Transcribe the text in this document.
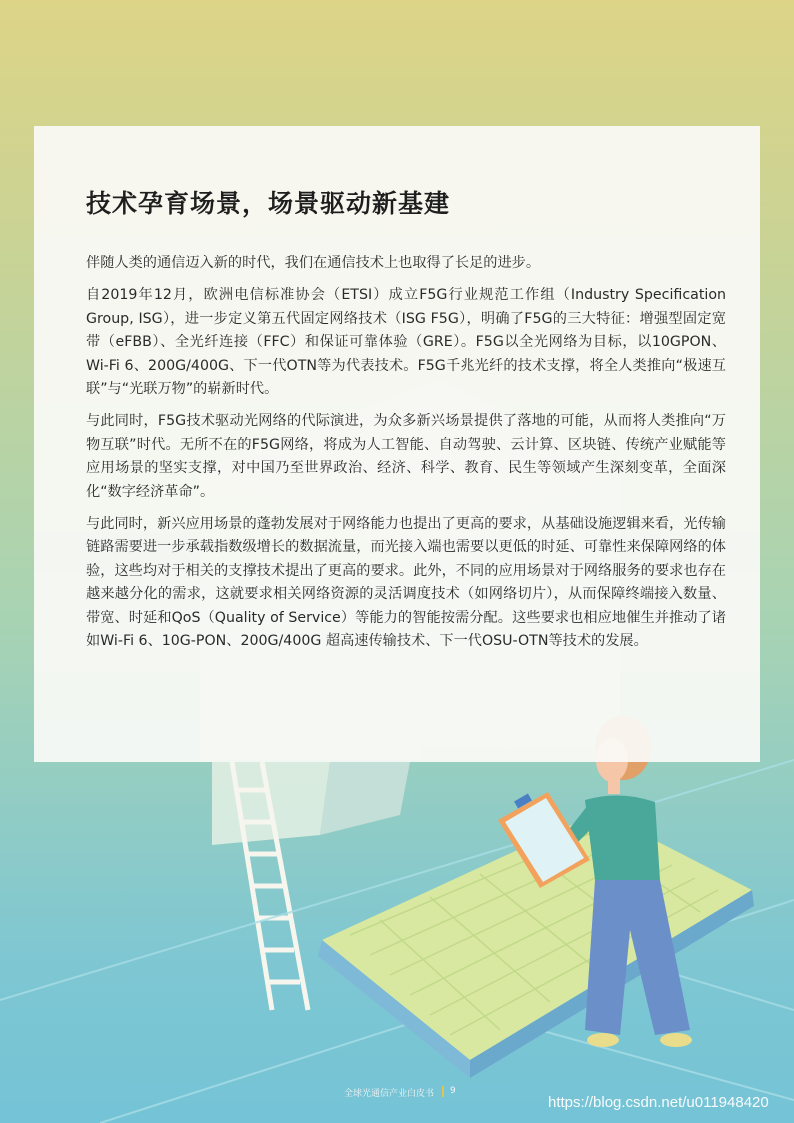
技术孕育场景，场景驱动新基建

伴随人类的通信迈入新的时代，我们在通信技术上也取得了长足的进步。

自2019年12月，欧洲电信标准协会（ETSI）成立F5G行业规范工作组（Industry Specification Group, ISG），进一步定义第五代固定网络技术（ISG F5G），明确了F5G的三大特征：增强型固定宽带（eFBB）、全光纤连接（FFC）和保证可靠体验（GRE）。F5G以全光网络为目标，以10GPON、Wi-Fi 6、200G/400G、下一代OTN等为代表技术。F5G千兆光纤的技术支撑，将全人类推向“极速互联”与“光联万物”的崭新时代。

与此同时，F5G技术驱动光网络的代际演进，为众多新兴场景提供了落地的可能，从而将人类推向“万物互联”时代。无所不在的F5G网络，将成为人工智能、自动驾驶、云计算、区块链、传统产业赋能等应用场景的坚实支撑，对中国乃至世界政治、经济、科学、教育、民生等领域产生深刻变革，全面深化“数字经济革命”。

与此同时，新兴应用场景的蓬勃发展对于网络能力也提出了更高的要求，从基础设施逻辑来看，光传输链路需要进一步承载指数级增长的数据流量，而光接入端也需要以更低的时延、可靠性来保障网络的体验，这些均对于相关的支撑技术提出了更高的要求。此外，不同的应用场景对于网络服务的要求也存在越来越分化的需求，这就要求相关网络资源的灵活调度技术（如网络切片），从而保障终端接入数量、带宽、时延和QoS（Quality of Service）等能力的智能按需分配。这些要求也相应地催生并推动了诸如Wi-Fi 6、10G-PON、200G/400G 超高速传输技术、下一代OSU-OTN等技术的发展。

全球光通信产业白皮书 9
https://blog.csdn.net/u011948420
